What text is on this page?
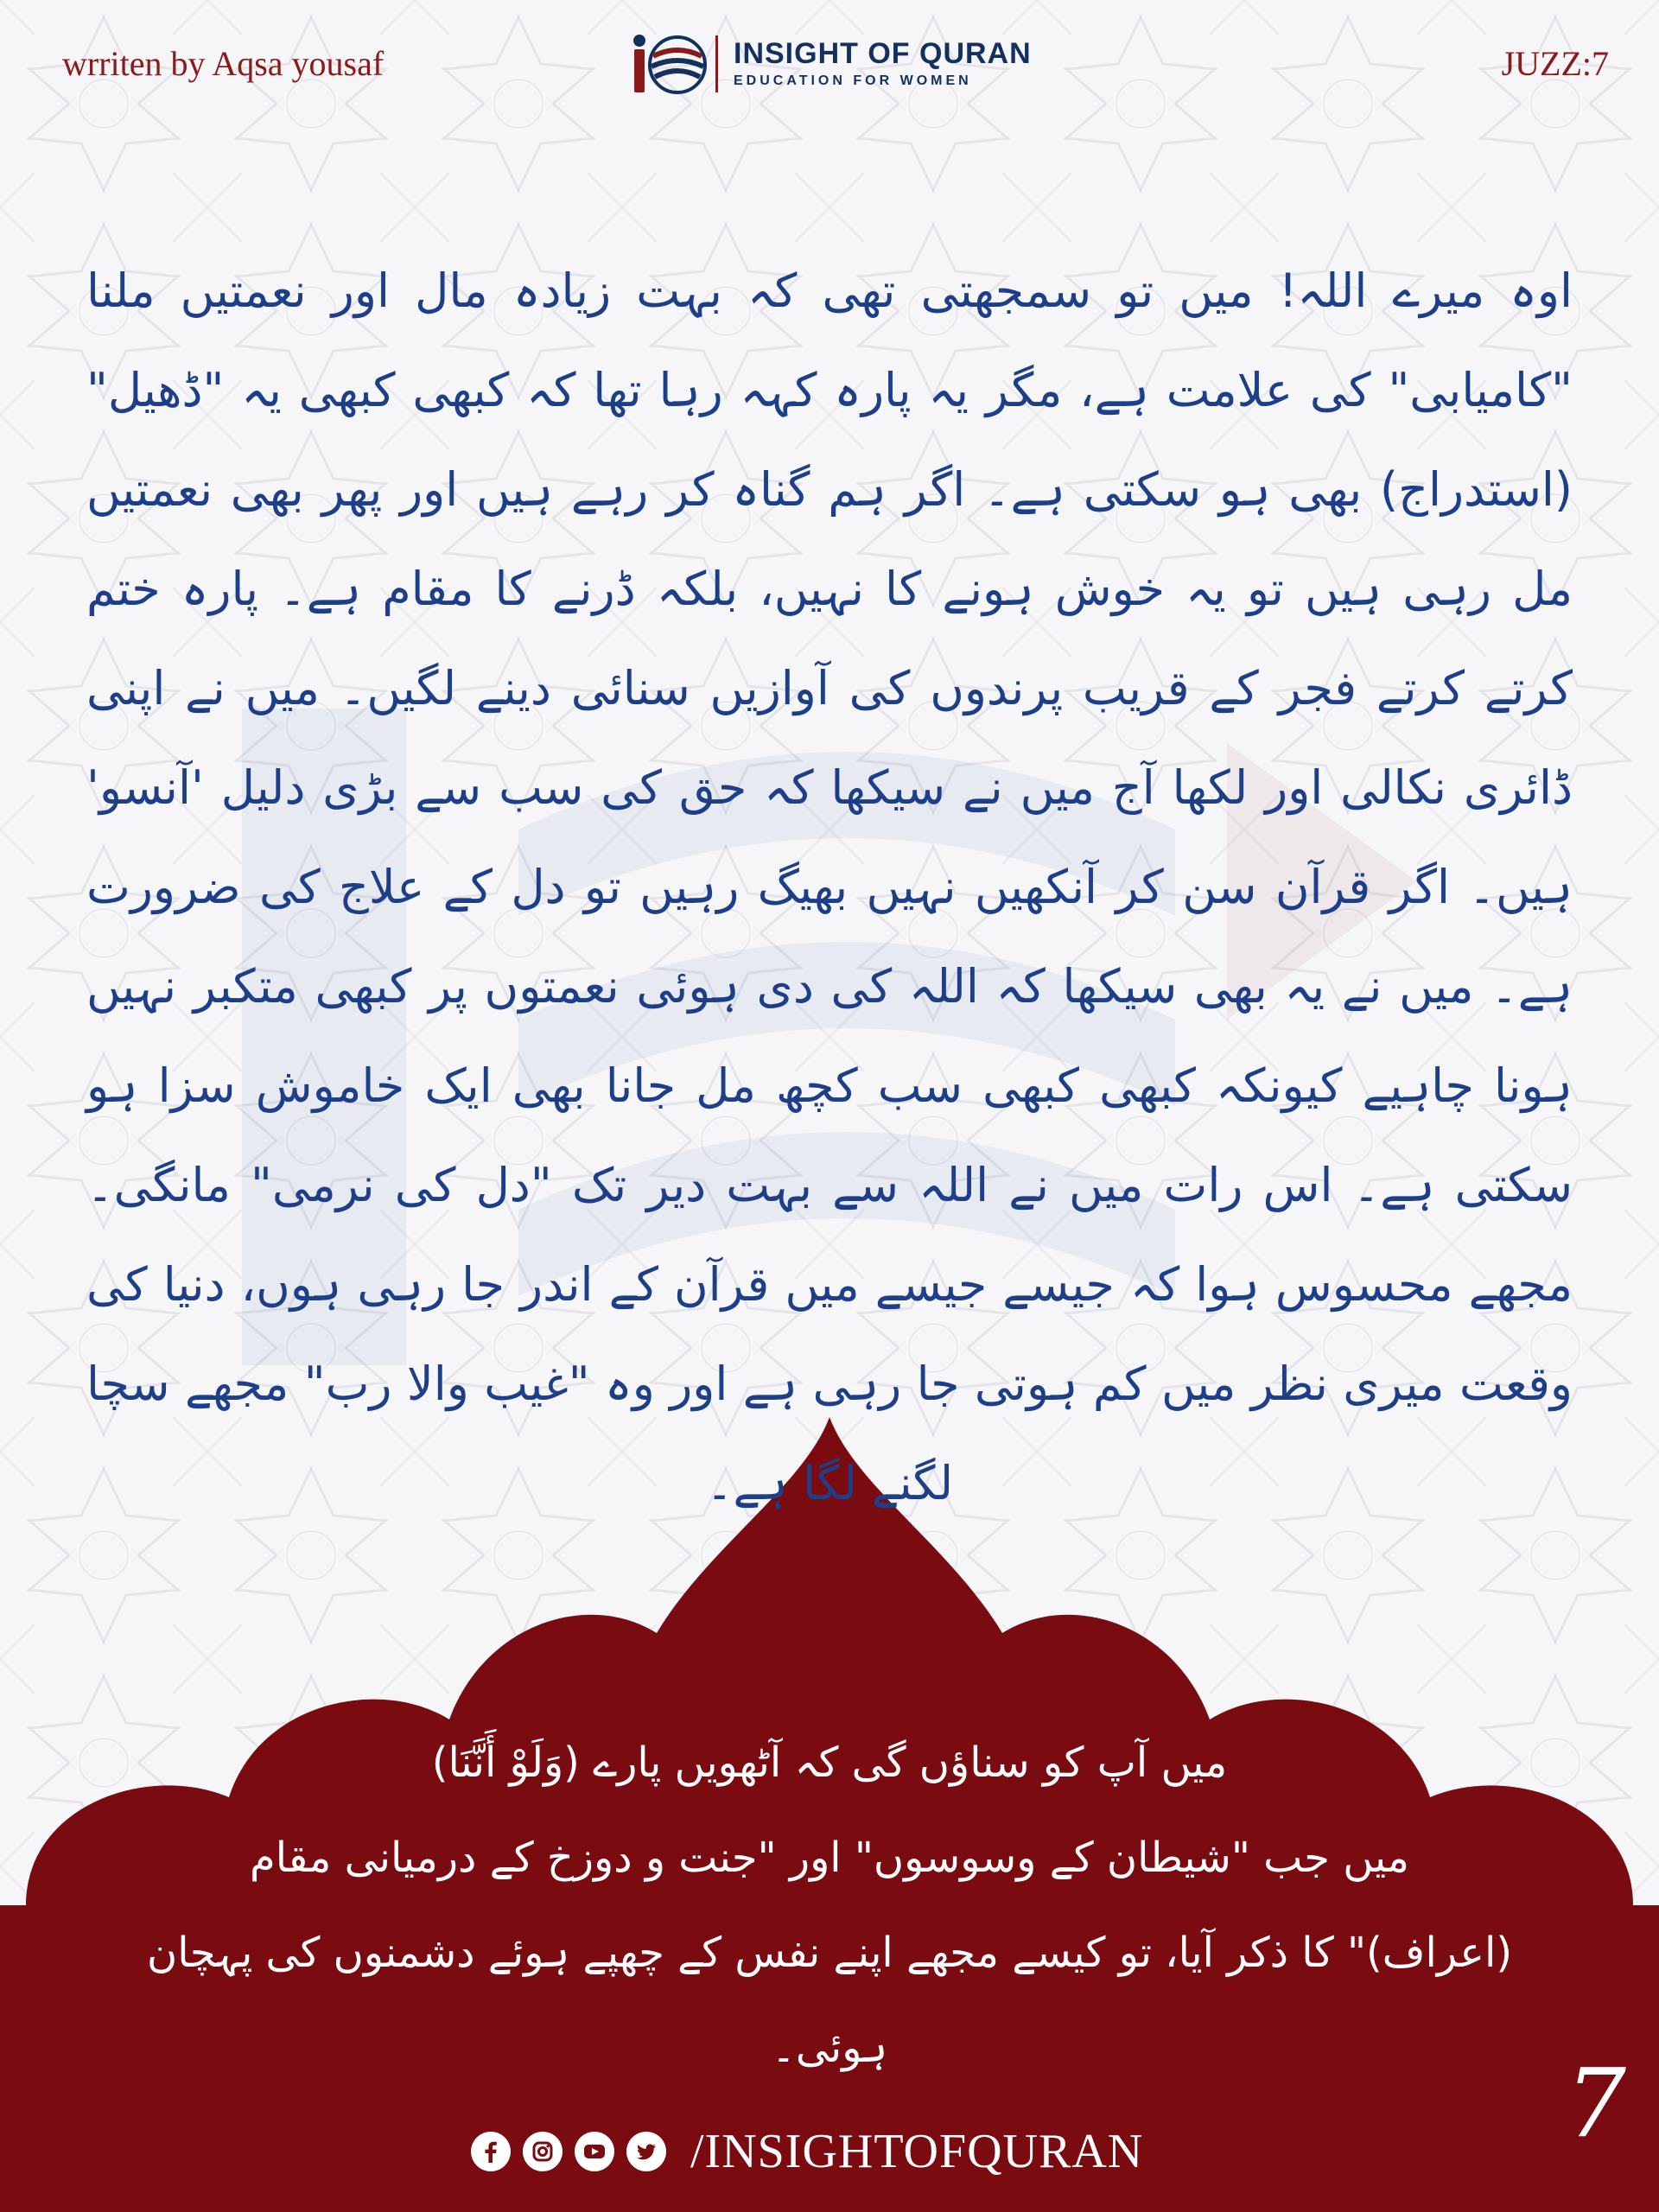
wrriten by Aqsa yousaf	INSIGHT OF QURAN
EDUCATION FOR WOMEN	JUZZ:7

اوہ میرے اللہ! میں تو سمجھتی تھی کہ بہت زیادہ مال اور نعمتیں ملنا "کامیابی" کی علامت ہے، مگر یہ پارہ کہہ رہا تھا کہ کبھی کبھی یہ "ڈھیل" (استدراج) بھی ہو سکتی ہے۔ اگر ہم گناہ کر رہے ہیں اور پھر بھی نعمتیں مل رہی ہیں تو یہ خوش ہونے کا نہیں، بلکہ ڈرنے کا مقام ہے۔ پارہ ختم کرتے کرتے فجر کے قریب پرندوں کی آوازیں سنائی دینے لگیں۔ میں نے اپنی ڈائری نکالی اور لکھا آج میں نے سیکھا کہ حق کی سب سے بڑی دلیل 'آنسو' ہیں۔ اگر قرآن سن کر آنکھیں نہیں بھیگ رہیں تو دل کے علاج کی ضرورت ہے۔ میں نے یہ بھی سیکھا کہ اللہ کی دی ہوئی نعمتوں پر کبھی متکبر نہیں ہونا چاہیے کیونکہ کبھی کبھی سب کچھ مل جانا بھی ایک خاموش سزا ہو سکتی ہے۔ اس رات میں نے اللہ سے بہت دیر تک "دل کی نرمی" مانگی۔ مجھے محسوس ہوا کہ جیسے جیسے میں قرآن کے اندر جا رہی ہوں، دنیا کی وقعت میری نظر میں کم ہوتی جا رہی ہے اور وہ "غیب والا رب" مجھے سچا لگنے لگا ہے۔

میں آپ کو سناؤں گی کہ آٹھویں پارے (وَلَوْ أَنَّنَا)
میں جب "شیطان کے وسوسوں" اور "جنت و دوزخ کے درمیانی مقام
(اعراف)" کا ذکر آیا، تو کیسے مجھے اپنے نفس کے چھپے ہوئے دشمنوں کی پہچان ہوئی۔
/INSIGHTOFQURAN	7
